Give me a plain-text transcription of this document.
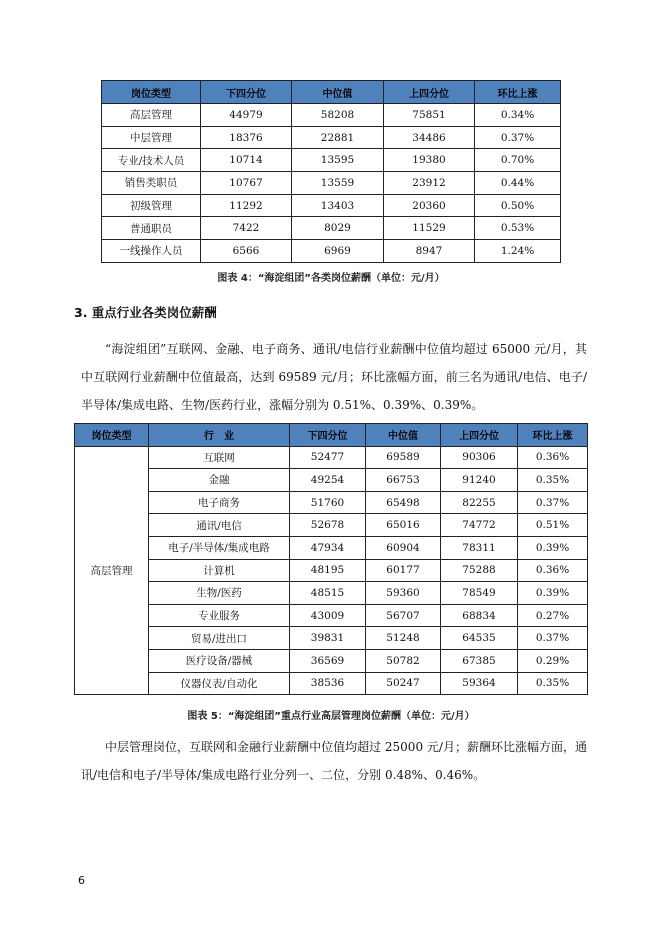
岗位类型	下四分位	中位值	上四分位	环比上涨
高层管理	44979	58208	75851	0.34%
中层管理	18376	22881	34486	0.37%
专业/技术人员	10714	13595	19380	0.70%
销售类职员	10767	13559	23912	0.44%
初级管理	11292	13403	20360	0.50%
普通职员	7422	8029	11529	0.53%
一线操作人员	6566	6969	8947	1.24%
图表 4：“海淀组团”各类岗位薪酬（单位：元/月）
3. 重点行业各类岗位薪酬

“海淀组团”互联网、金融、电子商务、通讯/电信行业薪酬中位值均超过 65000 元/月，其中互联网行业薪酬中位值最高，达到 69589 元/月；环比涨幅方面，前三名为通讯/电信、电子/半导体/集成电路、生物/医药行业，涨幅分别为 0.51%、0.39%、0.39%。

岗位类型	行　业	下四分位	中位值	上四分位	环比上涨
高层管理	互联网	52477	69589	90306	0.36%
	金融	49254	66753	91240	0.35%
	电子商务	51760	65498	82255	0.37%
	通讯/电信	52678	65016	74772	0.51%
	电子/半导体/集成电路	47934	60904	78311	0.39%
	计算机	48195	60177	75288	0.36%
	生物/医药	48515	59360	78549	0.39%
	专业服务	43009	56707	68834	0.27%
	贸易/进出口	39831	51248	64535	0.37%
	医疗设备/器械	36569	50782	67385	0.29%
	仪器仪表/自动化	38536	50247	59364	0.35%
图表 5：“海淀组团”重点行业高层管理岗位薪酬（单位：元/月）

中层管理岗位，互联网和金融行业薪酬中位值均超过 25000 元/月；薪酬环比涨幅方面，通讯/电信和电子/半导体/集成电路行业分列一、二位，分别 0.48%、0.46%。

6
